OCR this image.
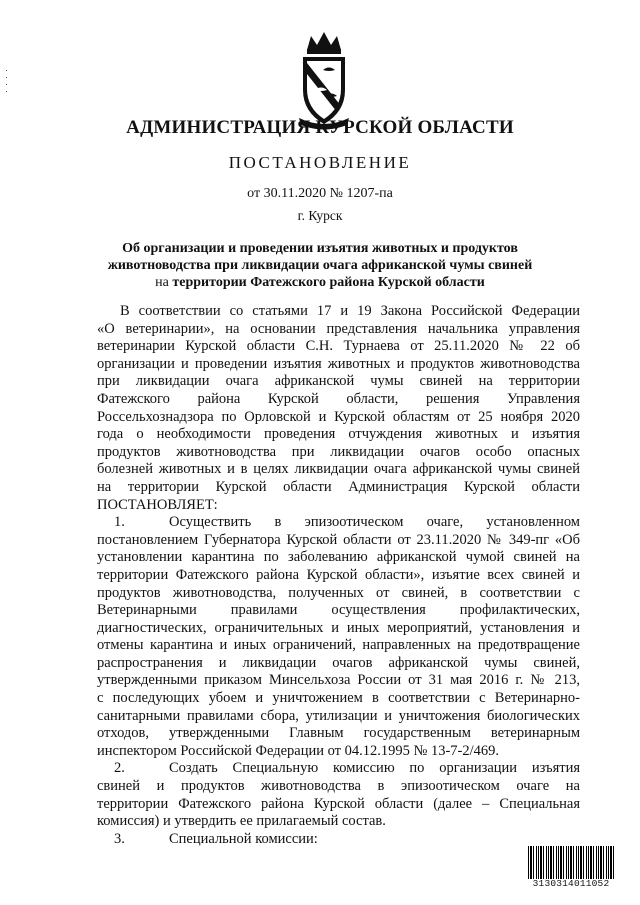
АДМИНИСТРАЦИЯ КУРСКОЙ ОБЛАСТИ
ПОСТАНОВЛЕНИЕ
от 30.11.2020 № 1207-па
г. Курск
Об организации и проведении изъятия животных и продуктов
животноводства при ликвидации очага африканской чумы свиней
на территории Фатежского района Курской области

В соответствии со статьями 17 и 19 Закона Российской Федерации

«О ветеринарии», на основании представления начальника управления

ветеринарии Курской области С.Н. Турнаева от 25.11.2020 № 22 об

организации и проведении изъятия животных и продуктов животноводства

при ликвидации очага африканской чумы свиней на территории

Фатежского района Курской области, решения Управления

Россельхознадзора по Орловской и Курской областям от 25 ноября 2020

года о необходимости проведения отчуждения животных и изъятия

продуктов животноводства при ликвидации очагов особо опасных

болезней животных и в целях ликвидации очага африканской чумы свиней

на территории Курской области Администрация Курской области

ПОСТАНОВЛЯЕТ:

1.	Осуществить в эпизоотическом очаге, установленном

постановлением Губернатора Курской области от 23.11.2020 № 349-пг «Об

установлении карантина по заболеванию африканской чумой свиней на

территории Фатежского района Курской области», изъятие всех свиней и

продуктов животноводства, полученных от свиней, в соответствии с

Ветеринарными правилами осуществления профилактических,

диагностических, ограничительных и иных мероприятий, установления и

отмены карантина и иных ограничений, направленных на предотвращение

распространения и ликвидации очагов африканской чумы свиней,

утвержденными приказом Минсельхоза России от 31 мая 2016 г. № 213,

с последующих убоем и уничтожением в соответствии с Ветеринарно-

санитарными правилами сбора, утилизации и уничтожения биологических

отходов, утвержденными Главным государственным ветеринарным

инспектором Российской Федерации от 04.12.1995 № 13-7-2/469.

2.	Создать Специальную комиссию по организации изъятия

свиней и продуктов животноводства в эпизоотическом очаге на

территории Фатежского района Курской области (далее – Специальная

комиссия) и утвердить ее прилагаемый состав.

3.	Специальной комиссии:

3130314011052
